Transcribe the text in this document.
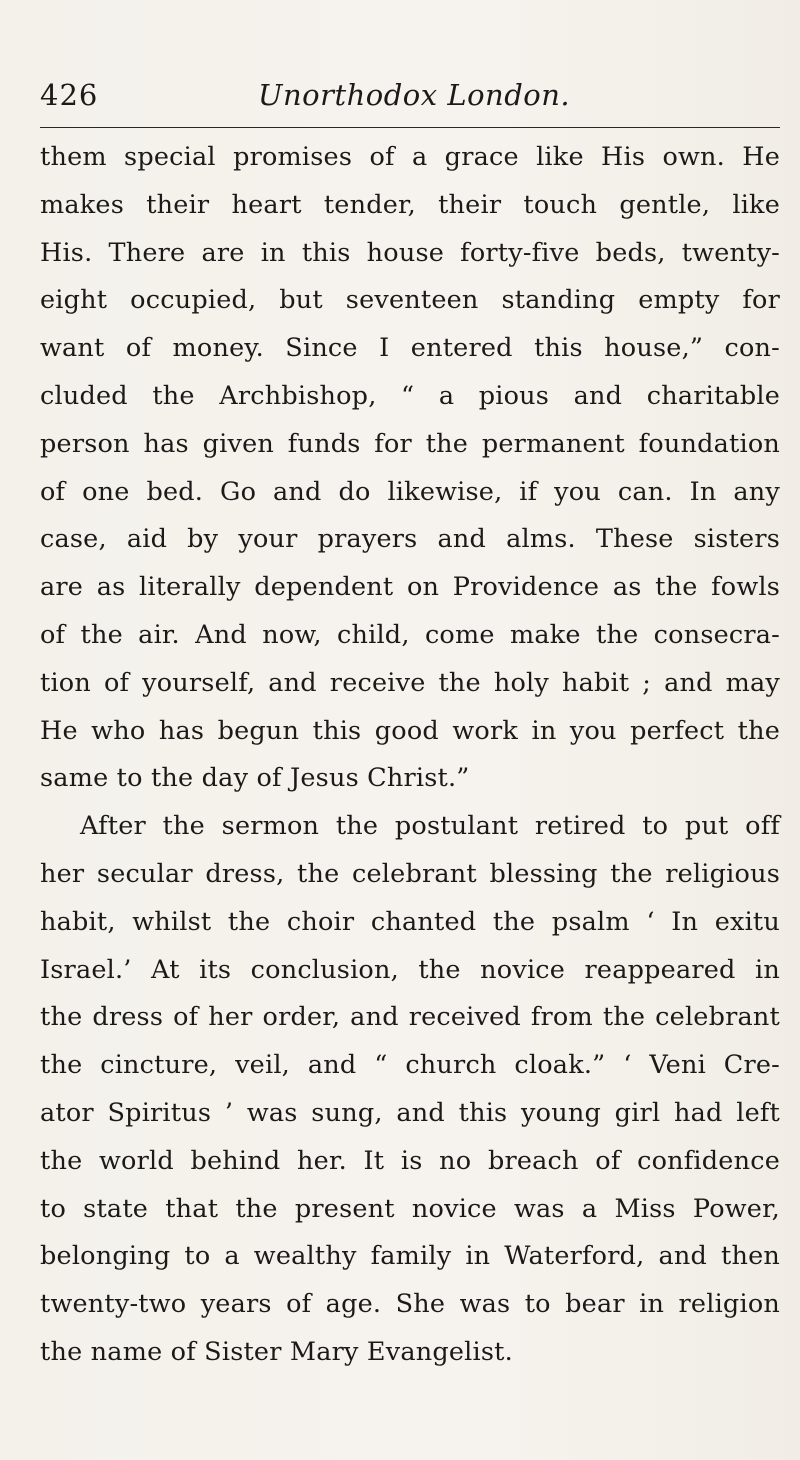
426	Unorthodox London.
them special promises of a grace like His own. He
makes their heart tender, their touch gentle, like
His. There are in this house forty-five beds, twenty-
eight occupied, but seventeen standing empty for
want of money. Since I entered this house,” con-
cluded the Archbishop, “ a pious and charitable
person has given funds for the permanent foundation
of one bed. Go and do likewise, if you can. In any
case, aid by your prayers and alms. These sisters
are as literally dependent on Providence as the fowls
of the air. And now, child, come make the consecra-
tion of yourself, and receive the holy habit ; and may
He who has begun this good work in you perfect the
same to the day of Jesus Christ.”
After the sermon the postulant retired to put off
her secular dress, the celebrant blessing the religious
habit, whilst the choir chanted the psalm ‘ In exitu
Israel.’ At its conclusion, the novice reappeared in
the dress of her order, and received from the celebrant
the cincture, veil, and “ church cloak.” ‘ Veni Cre-
ator Spiritus ’ was sung, and this young girl had left
the world behind her. It is no breach of confidence
to state that the present novice was a Miss Power,
belonging to a wealthy family in Waterford, and then
twenty-two years of age. She was to bear in religion
the name of Sister Mary Evangelist.
